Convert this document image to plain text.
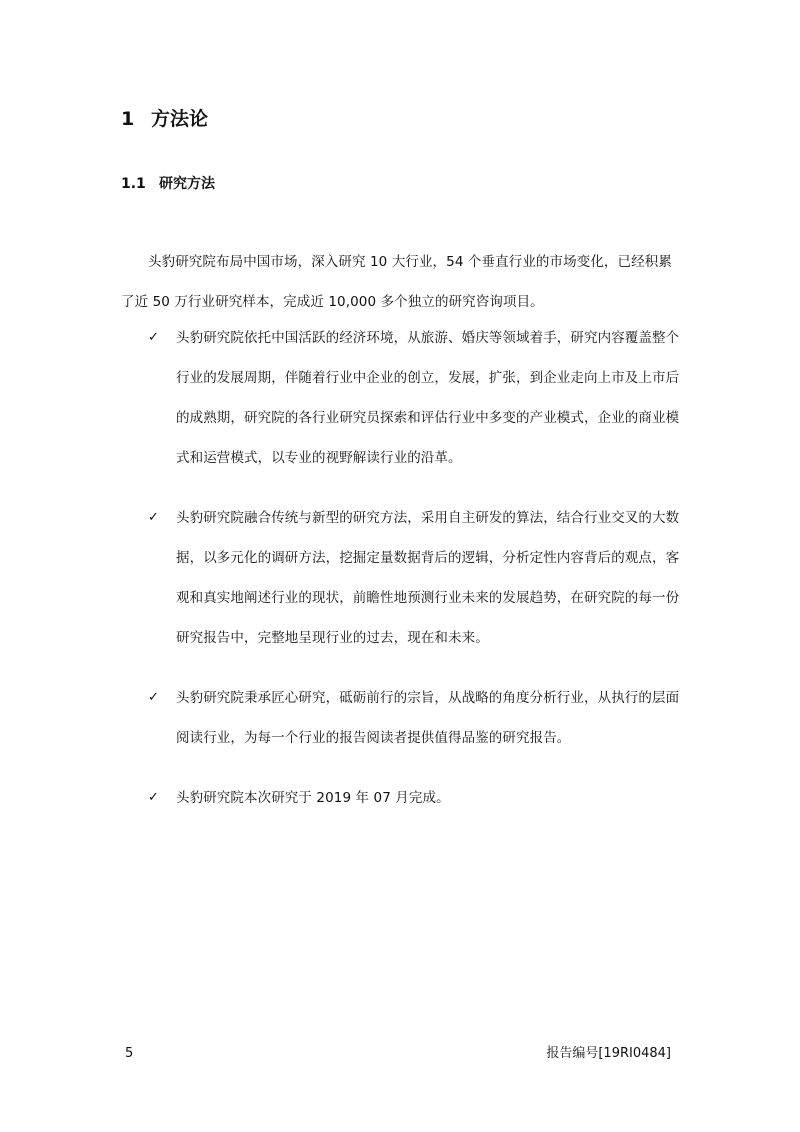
1 方法论
1.1 研究方法

头豹研究院布局中国市场，深入研究 10 大行业，54 个垂直行业的市场变化，已经积累了近 50 万行业研究样本，完成近 10,000 多个独立的研究咨询项目。

✓ 头豹研究院依托中国活跃的经济环境，从旅游、婚庆等领域着手，研究内容覆盖整个行业的发展周期，伴随着行业中企业的创立，发展，扩张，到企业走向上市及上市后的成熟期，研究院的各行业研究员探索和评估行业中多变的产业模式，企业的商业模式和运营模式，以专业的视野解读行业的沿革。
✓ 头豹研究院融合传统与新型的研究方法，采用自主研发的算法，结合行业交叉的大数据，以多元化的调研方法，挖掘定量数据背后的逻辑，分析定性内容背后的观点，客观和真实地阐述行业的现状，前瞻性地预测行业未来的发展趋势，在研究院的每一份研究报告中，完整地呈现行业的过去，现在和未来。
✓ 头豹研究院秉承匠心研究，砥砺前行的宗旨，从战略的角度分析行业，从执行的层面阅读行业，为每一个行业的报告阅读者提供值得品鉴的研究报告。
✓ 头豹研究院本次研究于 2019 年 07 月完成。
5	报告编号[19RI0484]
